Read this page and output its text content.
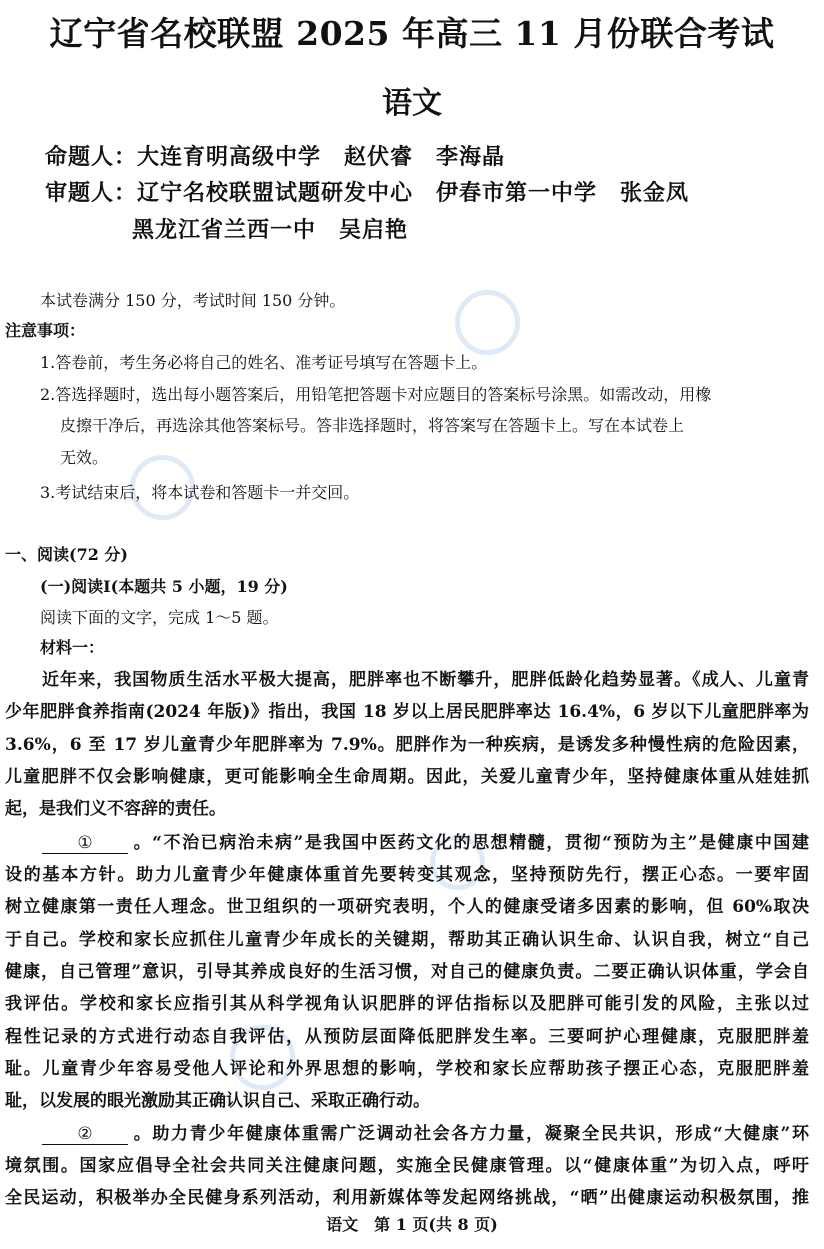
辽宁省名校联盟 2025 年高三 11 月份联合考试
语文
命题人：大连育明高级中学　赵伏睿　李海晶
审题人：辽宁名校联盟试题研发中心　伊春市第一中学　张金凤
黑龙江省兰西一中　吴启艳
本试卷满分 150 分，考试时间 150 分钟。
注意事项：
1.答卷前，考生务必将自己的姓名、准考证号填写在答题卡上。
2.答选择题时，选出每小题答案后，用铅笔把答题卡对应题目的答案标号涂黑。如需改动，用橡
皮擦干净后，再选涂其他答案标号。答非选择题时，将答案写在答题卡上。写在本试卷上
无效。
3.考试结束后，将本试卷和答题卡一并交回。
一、阅读(72 分)
(一)阅读Ⅰ(本题共 5 小题，19 分)
阅读下面的文字，完成 1～5 题。
材料一：
近年来，我国物质生活水平极大提高，肥胖率也不断攀升，肥胖低龄化趋势显著。《成人、儿童青
少年肥胖食养指南(2024 年版)》指出，我国 18 岁以上居民肥胖率达 16.4%，6 岁以下儿童肥胖率为
3.6%，6 至 17 岁儿童青少年肥胖率为 7.9%。肥胖作为一种疾病，是诱发多种慢性病的危险因素，
儿童肥胖不仅会影响健康，更可能影响全生命周期。因此，关爱儿童青少年，坚持健康体重从娃娃抓
起，是我们义不容辞的责任。
① 。“不治已病治未病”是我国中医药文化的思想精髓，贯彻“预防为主”是健康中国建
设的基本方针。助力儿童青少年健康体重首先要转变其观念，坚持预防先行，摆正心态。一要牢固
树立健康第一责任人理念。世卫组织的一项研究表明，个人的健康受诸多因素的影响，但 60%取决
于自己。学校和家长应抓住儿童青少年成长的关键期，帮助其正确认识生命、认识自我，树立“自己
健康，自己管理”意识，引导其养成良好的生活习惯，对自己的健康负责。二要正确认识体重，学会自
我评估。学校和家长应指引其从科学视角认识肥胖的评估指标以及肥胖可能引发的风险，主张以过
程性记录的方式进行动态自我评估，从预防层面降低肥胖发生率。三要呵护心理健康，克服肥胖羞
耻。儿童青少年容易受他人评论和外界思想的影响，学校和家长应帮助孩子摆正心态，克服肥胖羞
耻，以发展的眼光激励其正确认识自己、采取正确行动。
② 。助力青少年健康体重需广泛调动社会各方力量，凝聚全民共识，形成“大健康”环
境氛围。国家应倡导全社会共同关注健康问题，实施全民健康管理。以“健康体重”为切入点，呼吁
全民运动，积极举办全民健身系列活动，利用新媒体等发起网络挑战，“晒”出健康运动积极氛围，推
语文　第 1 页(共 8 页)
